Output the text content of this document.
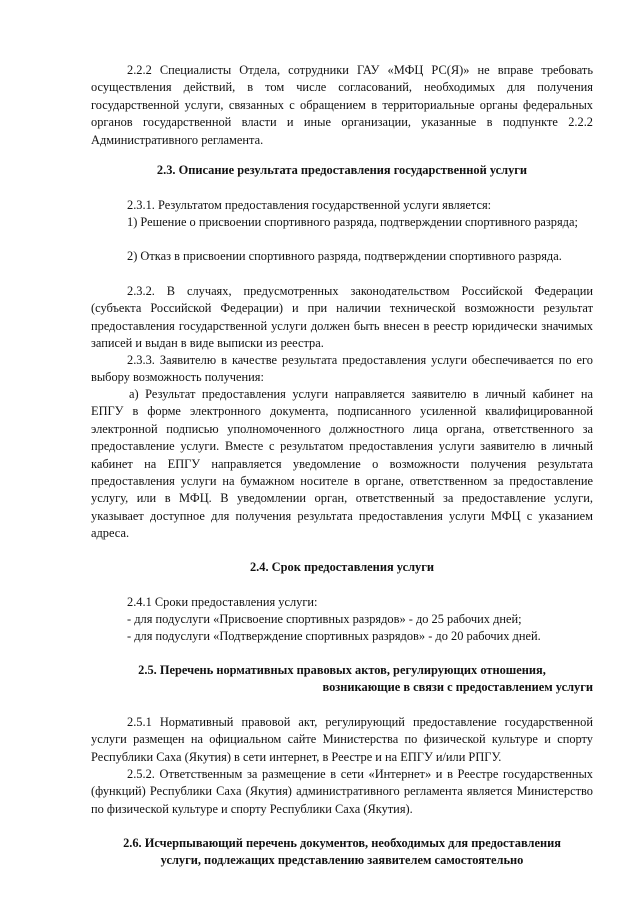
2.2.2 Специалисты Отдела, сотрудники ГАУ «МФЦ РС(Я)» не вправе требовать осуществления действий, в том числе согласований, необходимых для получения государственной услуги, связанных с обращением в территориальные органы федеральных органов государственной власти и иные организации, указанные в подпункте 2.2.2 Административного регламента.

2.3. Описание результата предоставления государственной услуги

2.3.1. Результатом предоставления государственной услуги является:

1) Решение о присвоении спортивного разряда, подтверждении спортивного разряда;

2) Отказ в присвоении спортивного разряда, подтверждении спортивного разряда.

2.3.2. В случаях, предусмотренных законодательством Российской Федерации (субъекта Российской Федерации) и при наличии технической возможности результат предоставления государственной услуги должен быть внесен в реестр юридически значимых записей и выдан в виде выписки из реестра.

2.3.3. Заявителю в качестве результата предоставления услуги обеспечивается по его выбору возможность получения:

а) Результат предоставления услуги направляется заявителю в личный кабинет на ЕПГУ в форме электронного документа, подписанного усиленной квалифицированной электронной подписью уполномоченного должностного лица органа, ответственного за предоставление услуги. Вместе с результатом предоставления услуги заявителю в личный кабинет на ЕПГУ направляется уведомление о возможности получения результата предоставления услуги на бумажном носителе в органе, ответственном за предоставление услугу, или в МФЦ. В уведомлении орган, ответственный за предоставление услуги, указывает доступное для получения результата предоставления услуги МФЦ с указанием адреса.

2.4. Срок предоставления услуги

2.4.1 Сроки предоставления услуги:

- для подуслуги «Присвоение спортивных разрядов» - до 25 рабочих дней;

- для подуслуги «Подтверждение спортивных разрядов» - до 20 рабочих дней.

2.5. Перечень нормативных правовых актов, регулирующих отношения,

возникающие в связи с предоставлением услуги

2.5.1 Нормативный правовой акт, регулирующий предоставление государственной услуги размещен на официальном сайте Министерства по физической культуре и спорту Республики Саха (Якутия) в сети интернет, в Реестре и на ЕПГУ и/или РПГУ.

2.5.2. Ответственным за размещение в сети «Интернет» и в Реестре государственных (функций) Республики Саха (Якутия) административного регламента является Министерство по физической культуре и спорту Республики Саха (Якутия).

2.6. Исчерпывающий перечень документов, необходимых для предоставления

услуги, подлежащих представлению заявителем самостоятельно
